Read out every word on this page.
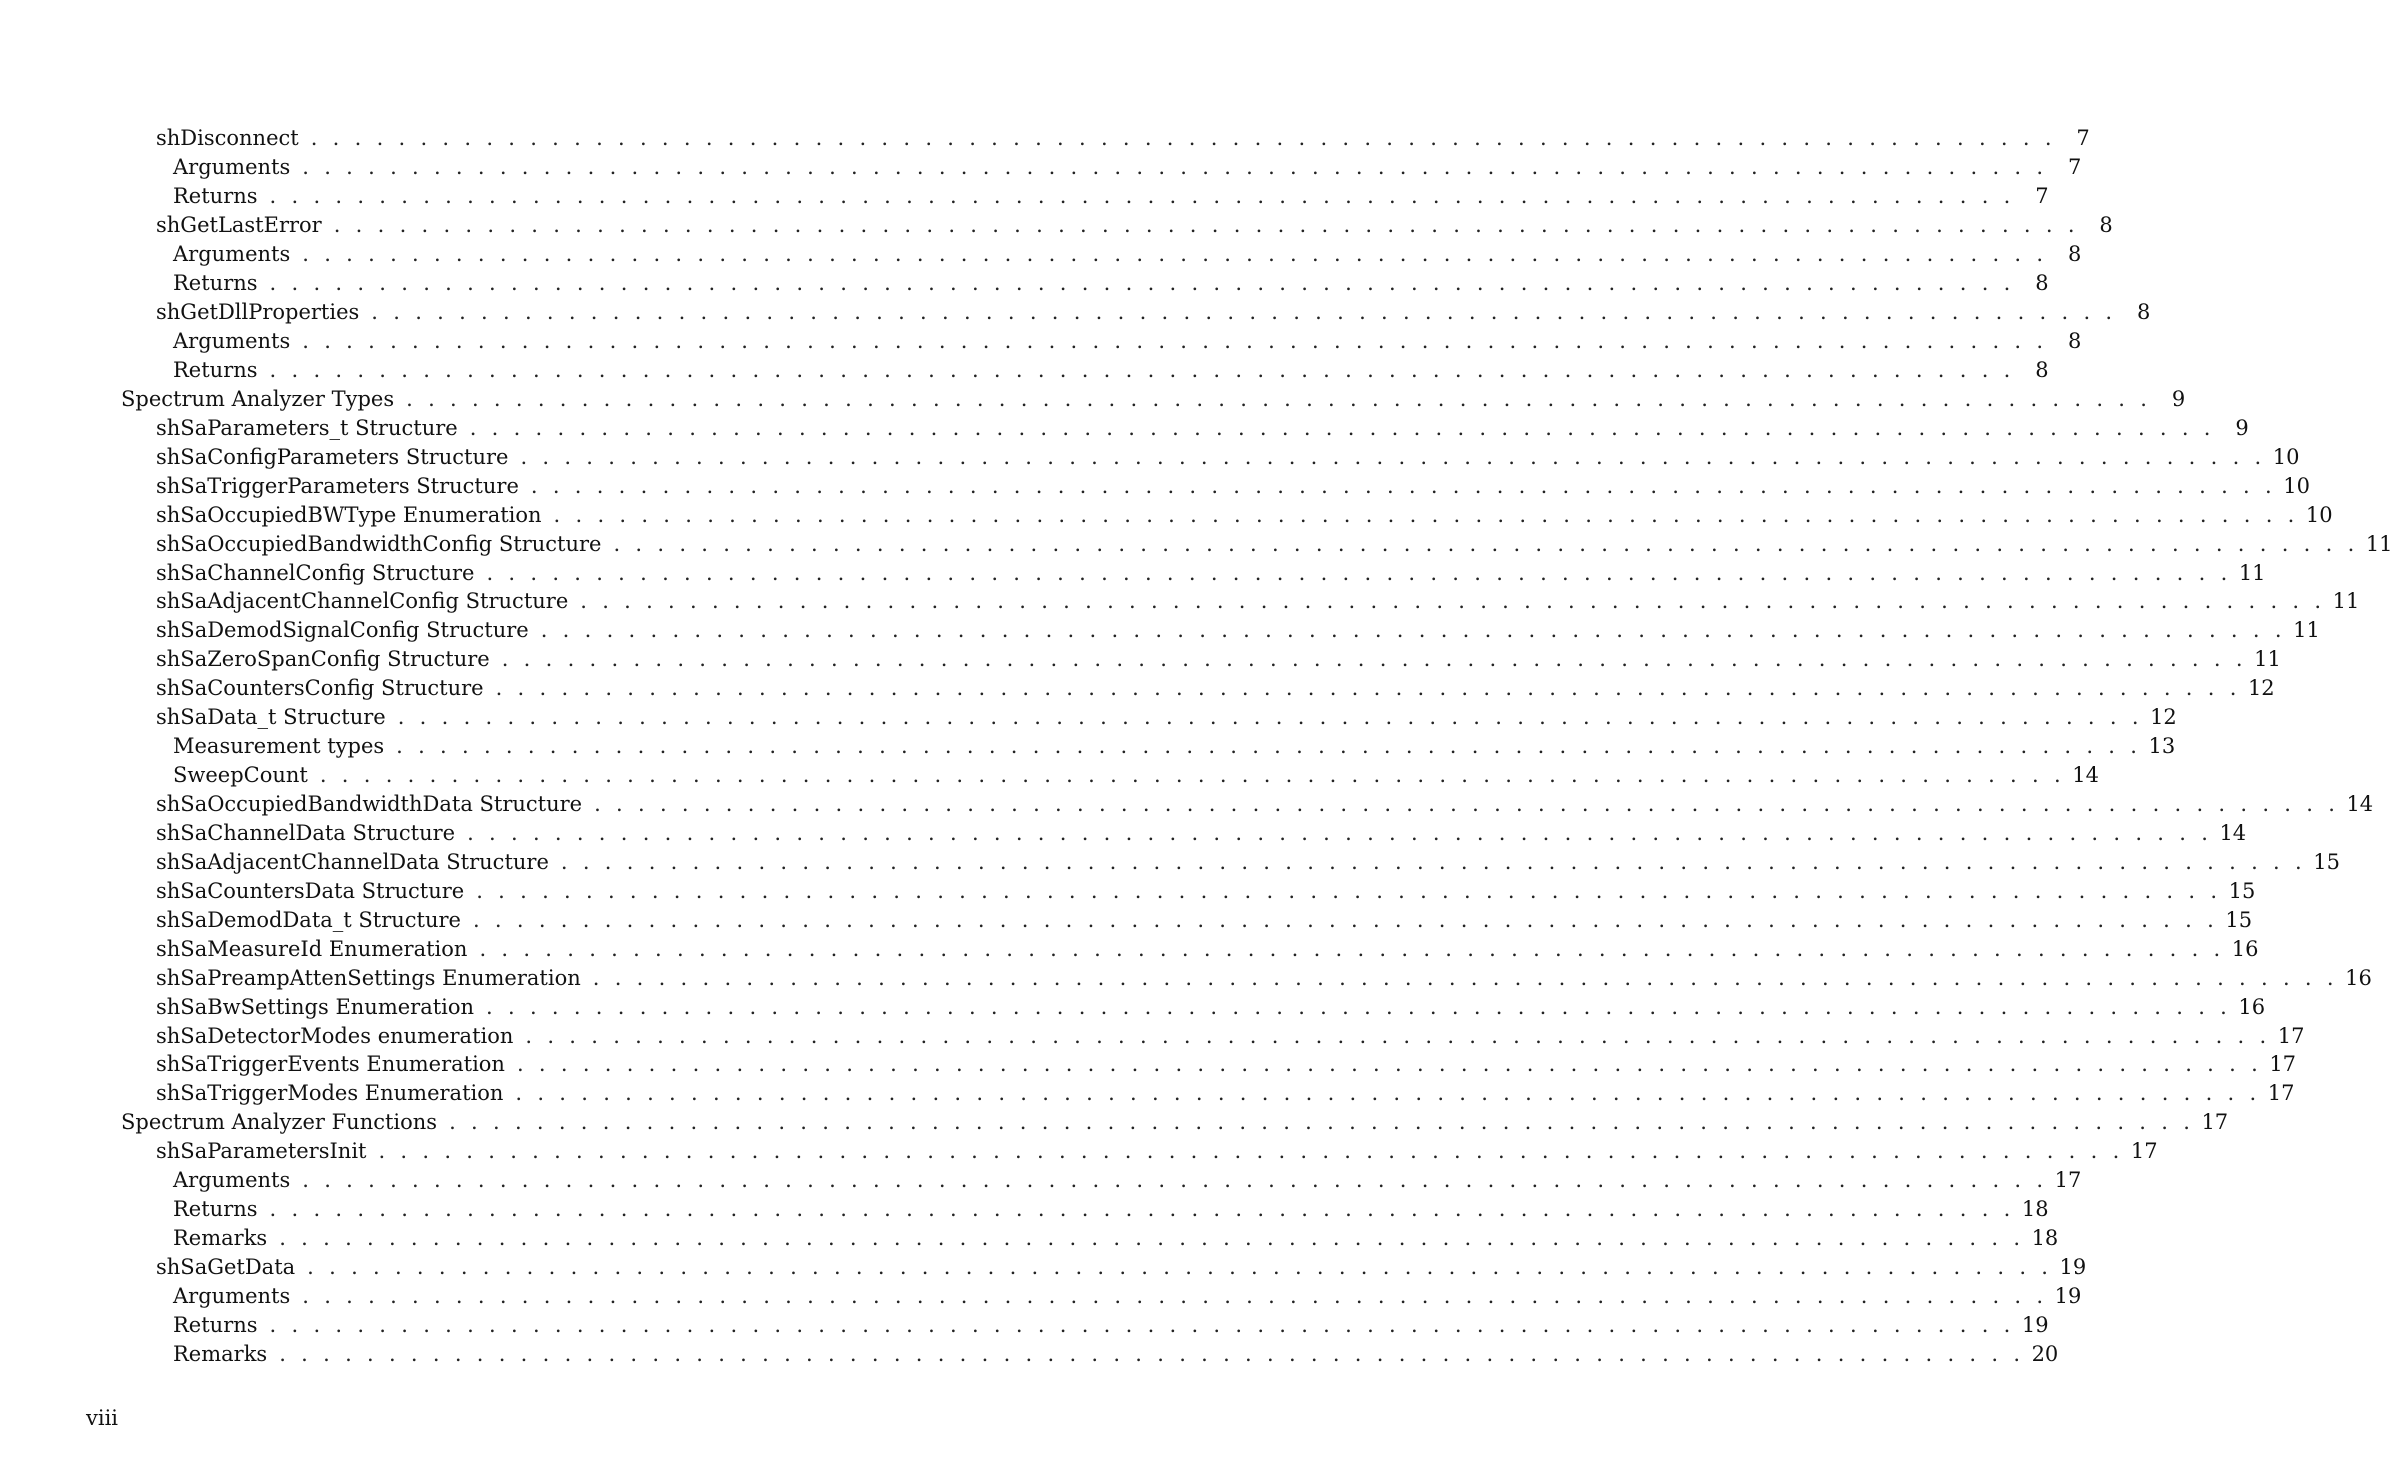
shDisconnect . . . . . . . . . . . . . . . . . . . . . . . . . . . . . . . . . . . . . . . . . . . . . . . . . . . . . . . . . . . . . . . . . . . . . . . . . . . . . . . . 7
Arguments . . . . . . . . . . . . . . . . . . . . . . . . . . . . . . . . . . . . . . . . . . . . . . . . . . . . . . . . . . . . . . . . . . . . . . . . . . . . . . . . 7
Returns . . . . . . . . . . . . . . . . . . . . . . . . . . . . . . . . . . . . . . . . . . . . . . . . . . . . . . . . . . . . . . . . . . . . . . . . . . . . . . . . 7
shGetLastError . . . . . . . . . . . . . . . . . . . . . . . . . . . . . . . . . . . . . . . . . . . . . . . . . . . . . . . . . . . . . . . . . . . . . . . . . . . . . . . . 8
Arguments . . . . . . . . . . . . . . . . . . . . . . . . . . . . . . . . . . . . . . . . . . . . . . . . . . . . . . . . . . . . . . . . . . . . . . . . . . . . . . . . 8
Returns . . . . . . . . . . . . . . . . . . . . . . . . . . . . . . . . . . . . . . . . . . . . . . . . . . . . . . . . . . . . . . . . . . . . . . . . . . . . . . . . 8
shGetDllProperties . . . . . . . . . . . . . . . . . . . . . . . . . . . . . . . . . . . . . . . . . . . . . . . . . . . . . . . . . . . . . . . . . . . . . . . . . . . . . . . . 8
Arguments . . . . . . . . . . . . . . . . . . . . . . . . . . . . . . . . . . . . . . . . . . . . . . . . . . . . . . . . . . . . . . . . . . . . . . . . . . . . . . . . 8
Returns . . . . . . . . . . . . . . . . . . . . . . . . . . . . . . . . . . . . . . . . . . . . . . . . . . . . . . . . . . . . . . . . . . . . . . . . . . . . . . . . 8
Spectrum Analyzer Types . . . . . . . . . . . . . . . . . . . . . . . . . . . . . . . . . . . . . . . . . . . . . . . . . . . . . . . . . . . . . . . . . . . . . . . . . . . . . . . . 9
shSaParameters_t Structure . . . . . . . . . . . . . . . . . . . . . . . . . . . . . . . . . . . . . . . . . . . . . . . . . . . . . . . . . . . . . . . . . . . . . . . . . . . . . . . . 9
shSaConfigParameters Structure . . . . . . . . . . . . . . . . . . . . . . . . . . . . . . . . . . . . . . . . . . . . . . . . . . . . . . . . . . . . . . . . . . . . . . . . . . . . . . . . 10
shSaTriggerParameters Structure . . . . . . . . . . . . . . . . . . . . . . . . . . . . . . . . . . . . . . . . . . . . . . . . . . . . . . . . . . . . . . . . . . . . . . . . . . . . . . . . 10
shSaOccupiedBWType Enumeration . . . . . . . . . . . . . . . . . . . . . . . . . . . . . . . . . . . . . . . . . . . . . . . . . . . . . . . . . . . . . . . . . . . . . . . . . . . . . . . . 10
shSaOccupiedBandwidthConfig Structure . . . . . . . . . . . . . . . . . . . . . . . . . . . . . . . . . . . . . . . . . . . . . . . . . . . . . . . . . . . . . . . . . . . . . . . . . . . . . . . . 11
shSaChannelConfig Structure . . . . . . . . . . . . . . . . . . . . . . . . . . . . . . . . . . . . . . . . . . . . . . . . . . . . . . . . . . . . . . . . . . . . . . . . . . . . . . . . 11
shSaAdjacentChannelConfig Structure . . . . . . . . . . . . . . . . . . . . . . . . . . . . . . . . . . . . . . . . . . . . . . . . . . . . . . . . . . . . . . . . . . . . . . . . . . . . . . . . 11
shSaDemodSignalConfig Structure . . . . . . . . . . . . . . . . . . . . . . . . . . . . . . . . . . . . . . . . . . . . . . . . . . . . . . . . . . . . . . . . . . . . . . . . . . . . . . . . 11
shSaZeroSpanConfig Structure . . . . . . . . . . . . . . . . . . . . . . . . . . . . . . . . . . . . . . . . . . . . . . . . . . . . . . . . . . . . . . . . . . . . . . . . . . . . . . . . 11
shSaCountersConfig Structure . . . . . . . . . . . . . . . . . . . . . . . . . . . . . . . . . . . . . . . . . . . . . . . . . . . . . . . . . . . . . . . . . . . . . . . . . . . . . . . . 12
shSaData_t Structure . . . . . . . . . . . . . . . . . . . . . . . . . . . . . . . . . . . . . . . . . . . . . . . . . . . . . . . . . . . . . . . . . . . . . . . . . . . . . . . . 12
Measurement types . . . . . . . . . . . . . . . . . . . . . . . . . . . . . . . . . . . . . . . . . . . . . . . . . . . . . . . . . . . . . . . . . . . . . . . . . . . . . . . . 13
SweepCount . . . . . . . . . . . . . . . . . . . . . . . . . . . . . . . . . . . . . . . . . . . . . . . . . . . . . . . . . . . . . . . . . . . . . . . . . . . . . . . . 14
shSaOccupiedBandwidthData Structure . . . . . . . . . . . . . . . . . . . . . . . . . . . . . . . . . . . . . . . . . . . . . . . . . . . . . . . . . . . . . . . . . . . . . . . . . . . . . . . . 14
shSaChannelData Structure . . . . . . . . . . . . . . . . . . . . . . . . . . . . . . . . . . . . . . . . . . . . . . . . . . . . . . . . . . . . . . . . . . . . . . . . . . . . . . . . 14
shSaAdjacentChannelData Structure . . . . . . . . . . . . . . . . . . . . . . . . . . . . . . . . . . . . . . . . . . . . . . . . . . . . . . . . . . . . . . . . . . . . . . . . . . . . . . . . 15
shSaCountersData Structure . . . . . . . . . . . . . . . . . . . . . . . . . . . . . . . . . . . . . . . . . . . . . . . . . . . . . . . . . . . . . . . . . . . . . . . . . . . . . . . . 15
shSaDemodData_t Structure . . . . . . . . . . . . . . . . . . . . . . . . . . . . . . . . . . . . . . . . . . . . . . . . . . . . . . . . . . . . . . . . . . . . . . . . . . . . . . . . 15
shSaMeasureId Enumeration . . . . . . . . . . . . . . . . . . . . . . . . . . . . . . . . . . . . . . . . . . . . . . . . . . . . . . . . . . . . . . . . . . . . . . . . . . . . . . . . 16
shSaPreampAttenSettings Enumeration . . . . . . . . . . . . . . . . . . . . . . . . . . . . . . . . . . . . . . . . . . . . . . . . . . . . . . . . . . . . . . . . . . . . . . . . . . . . . . . . 16
shSaBwSettings Enumeration . . . . . . . . . . . . . . . . . . . . . . . . . . . . . . . . . . . . . . . . . . . . . . . . . . . . . . . . . . . . . . . . . . . . . . . . . . . . . . . . 16
shSaDetectorModes enumeration . . . . . . . . . . . . . . . . . . . . . . . . . . . . . . . . . . . . . . . . . . . . . . . . . . . . . . . . . . . . . . . . . . . . . . . . . . . . . . . . 17
shSaTriggerEvents Enumeration . . . . . . . . . . . . . . . . . . . . . . . . . . . . . . . . . . . . . . . . . . . . . . . . . . . . . . . . . . . . . . . . . . . . . . . . . . . . . . . . 17
shSaTriggerModes Enumeration . . . . . . . . . . . . . . . . . . . . . . . . . . . . . . . . . . . . . . . . . . . . . . . . . . . . . . . . . . . . . . . . . . . . . . . . . . . . . . . . 17
Spectrum Analyzer Functions . . . . . . . . . . . . . . . . . . . . . . . . . . . . . . . . . . . . . . . . . . . . . . . . . . . . . . . . . . . . . . . . . . . . . . . . . . . . . . . . 17
shSaParametersInit . . . . . . . . . . . . . . . . . . . . . . . . . . . . . . . . . . . . . . . . . . . . . . . . . . . . . . . . . . . . . . . . . . . . . . . . . . . . . . . . 17
Arguments . . . . . . . . . . . . . . . . . . . . . . . . . . . . . . . . . . . . . . . . . . . . . . . . . . . . . . . . . . . . . . . . . . . . . . . . . . . . . . . . 17
Returns . . . . . . . . . . . . . . . . . . . . . . . . . . . . . . . . . . . . . . . . . . . . . . . . . . . . . . . . . . . . . . . . . . . . . . . . . . . . . . . . 18
Remarks . . . . . . . . . . . . . . . . . . . . . . . . . . . . . . . . . . . . . . . . . . . . . . . . . . . . . . . . . . . . . . . . . . . . . . . . . . . . . . . . 18
shSaGetData . . . . . . . . . . . . . . . . . . . . . . . . . . . . . . . . . . . . . . . . . . . . . . . . . . . . . . . . . . . . . . . . . . . . . . . . . . . . . . . . 19
Arguments . . . . . . . . . . . . . . . . . . . . . . . . . . . . . . . . . . . . . . . . . . . . . . . . . . . . . . . . . . . . . . . . . . . . . . . . . . . . . . . . 19
Returns . . . . . . . . . . . . . . . . . . . . . . . . . . . . . . . . . . . . . . . . . . . . . . . . . . . . . . . . . . . . . . . . . . . . . . . . . . . . . . . . 19
Remarks . . . . . . . . . . . . . . . . . . . . . . . . . . . . . . . . . . . . . . . . . . . . . . . . . . . . . . . . . . . . . . . . . . . . . . . . . . . . . . . . 20
viii
